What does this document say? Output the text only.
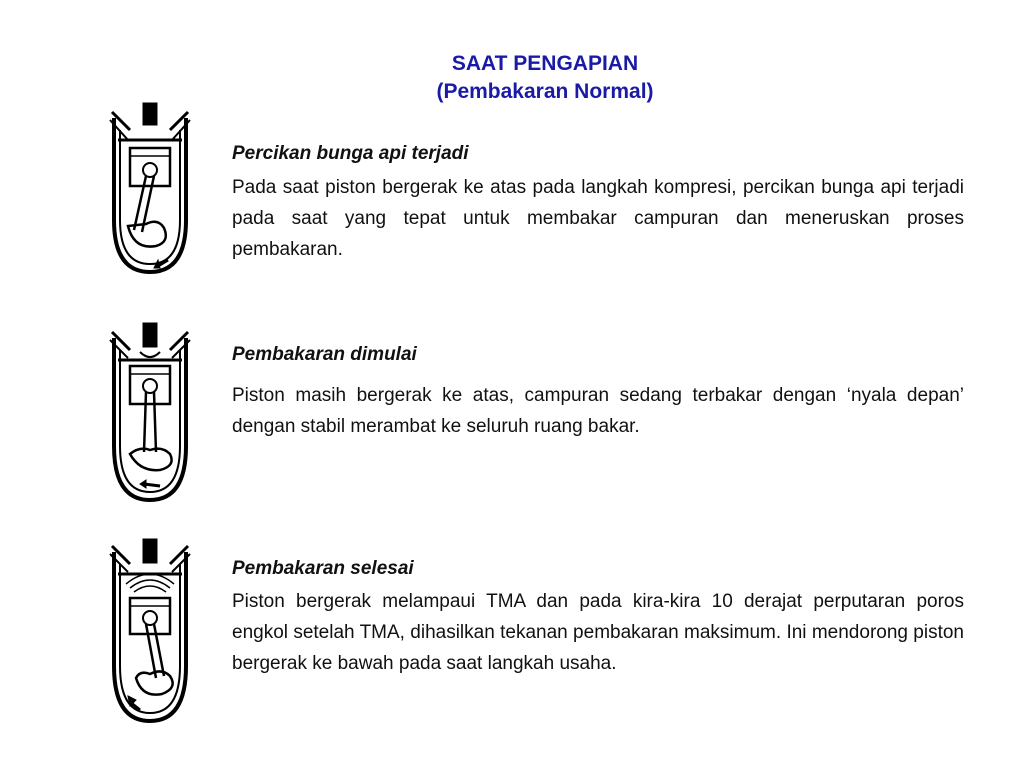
SAAT PENGAPIAN
(Pembakaran Normal)

Percikan bunga api terjadi

Pada saat piston bergerak ke atas pada langkah kompresi, percikan bunga api terjadi pada saat yang tepat untuk membakar campuran dan meneruskan proses pembakaran.

Pembakaran dimulai

Piston masih bergerak ke atas, campuran sedang terbakar dengan ‘nyala depan’ dengan stabil merambat ke seluruh ruang bakar.

Pembakaran selesai

Piston bergerak melampaui TMA dan pada kira-kira 10 derajat perputaran poros engkol setelah TMA, dihasilkan tekanan pembakaran maksimum. Ini mendorong piston bergerak ke bawah pada saat langkah usaha.
